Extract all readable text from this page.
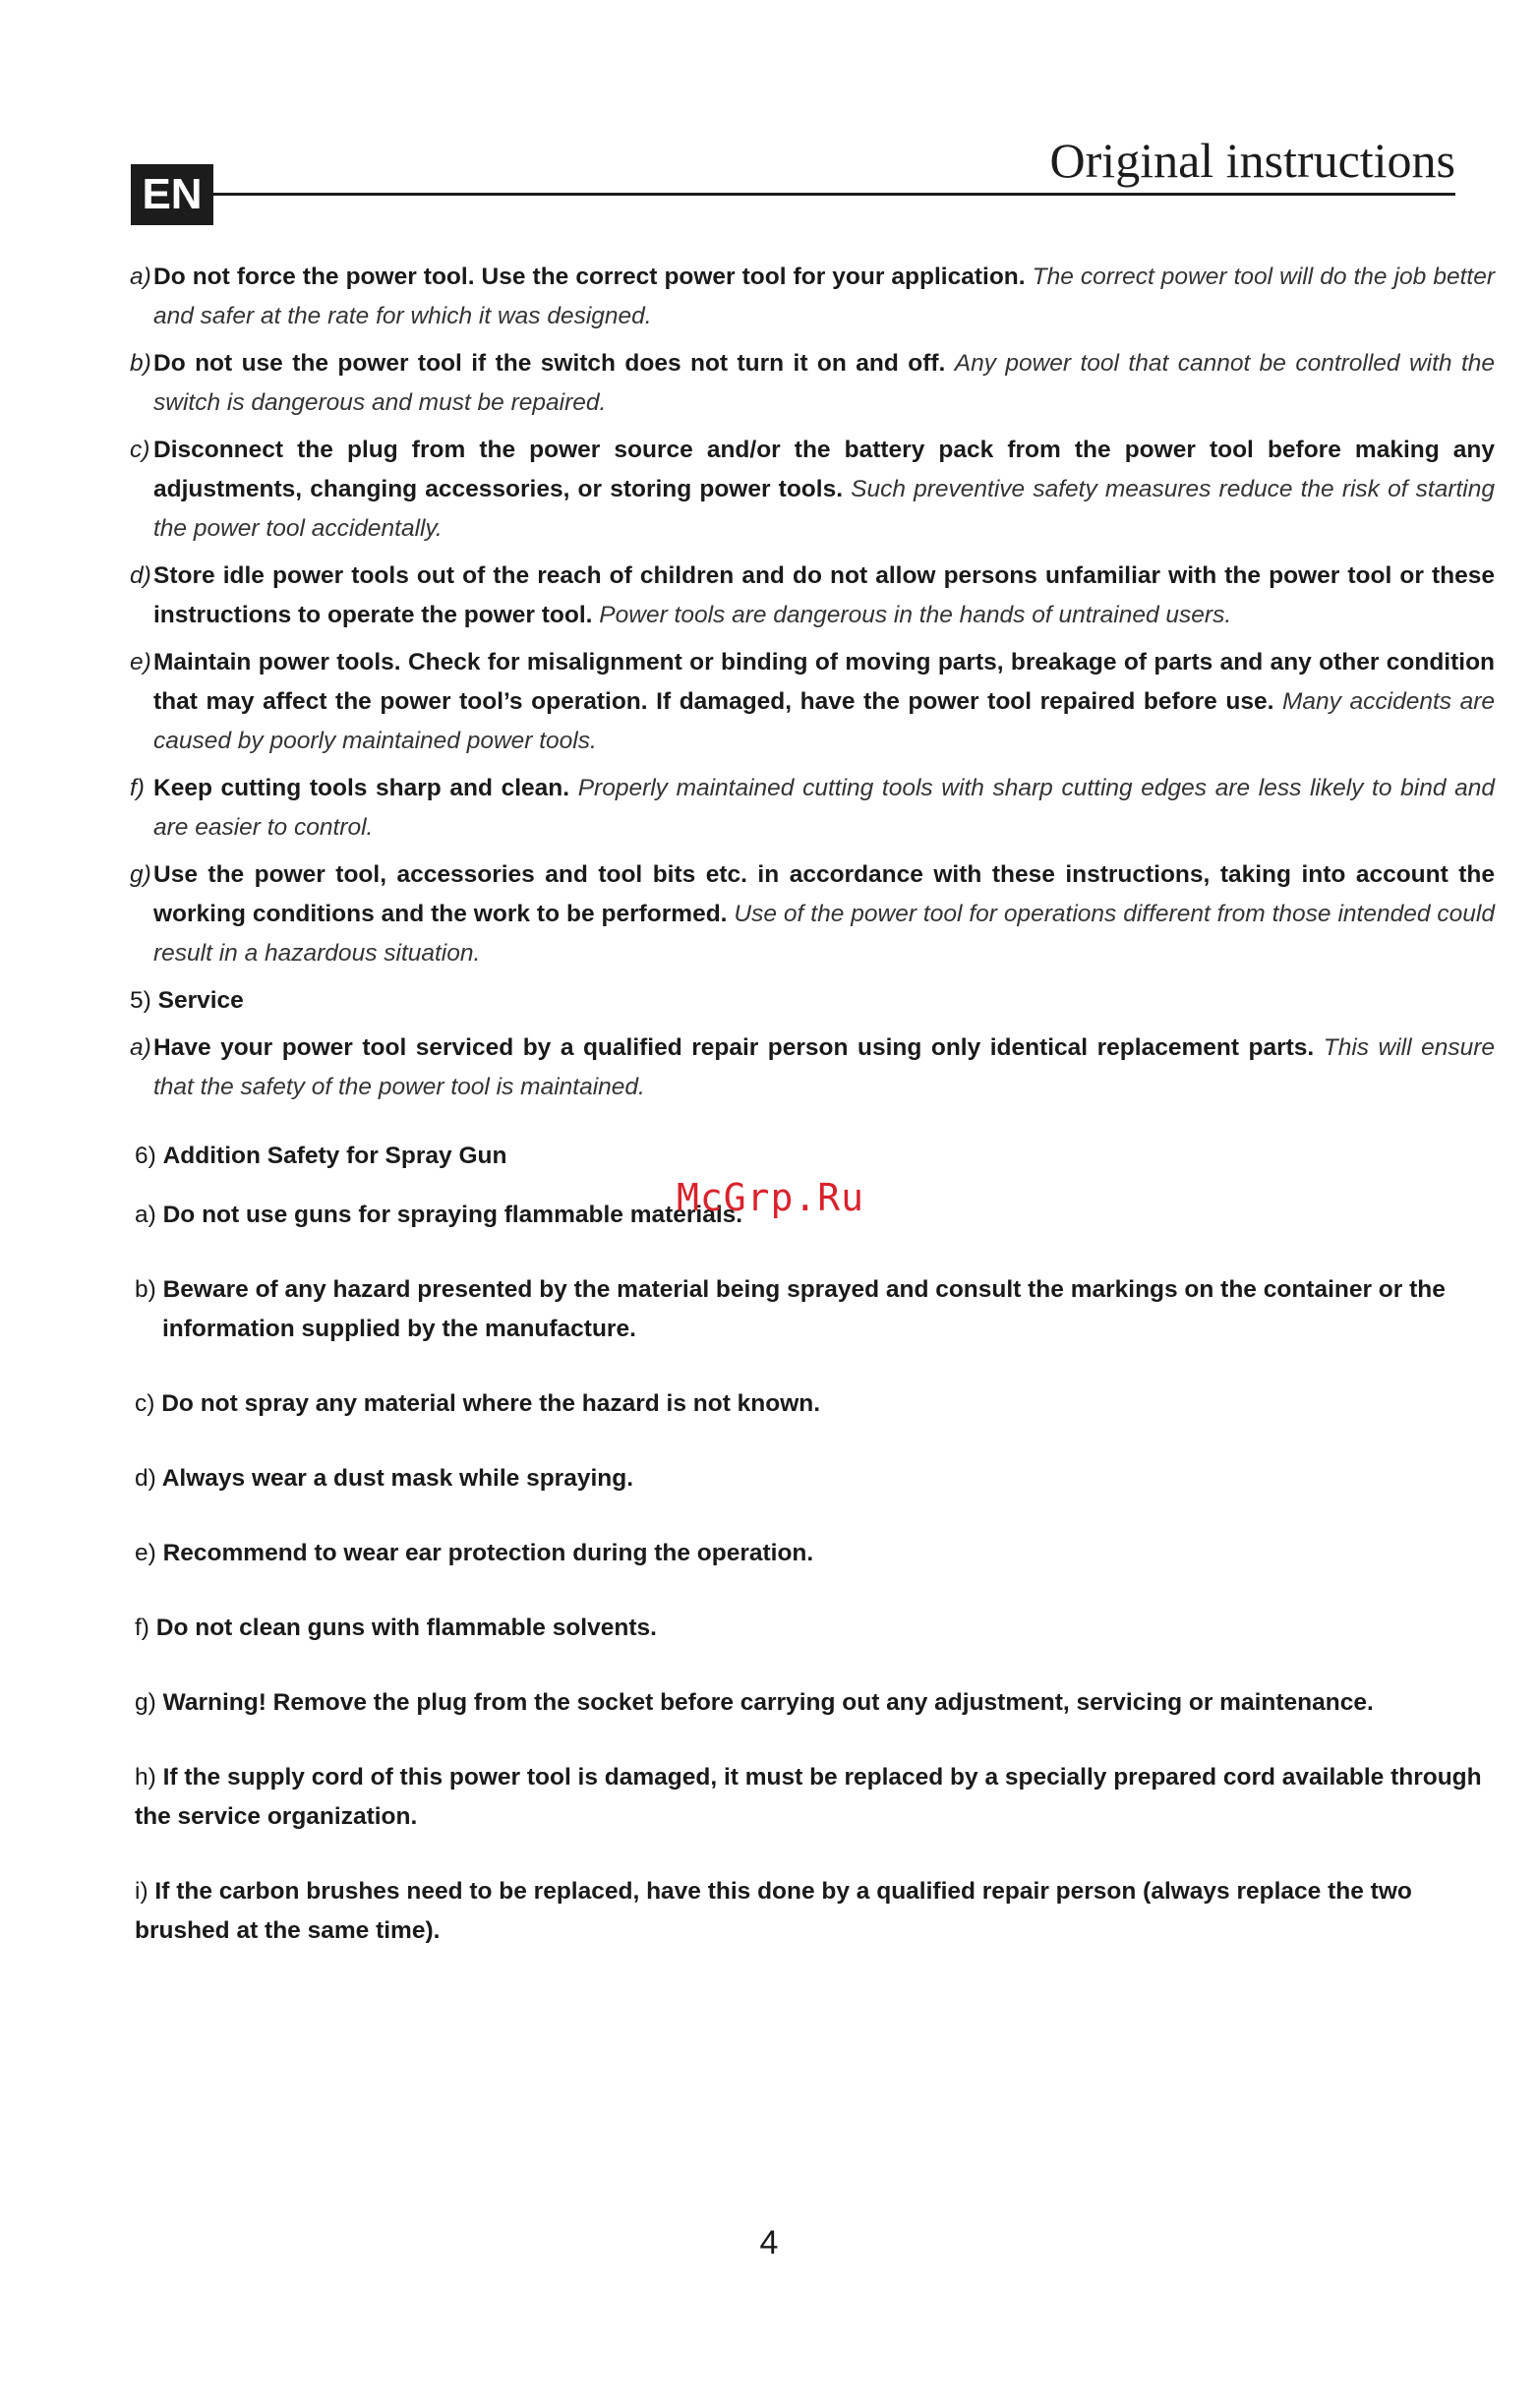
EN
Original instructions
a) Do not force the power tool. Use the correct power tool for your application. The correct power tool will do the job better and safer at the rate for which it was designed.
b) Do not use the power tool if the switch does not turn it on and off. Any power tool that cannot be controlled with the switch is dangerous and must be repaired.
c) Disconnect the plug from the power source and/or the battery pack from the power tool before making any adjustments, changing accessories, or storing power tools. Such preventive safety measures reduce the risk of starting the power tool accidentally.
d) Store idle power tools out of the reach of children and do not allow persons unfamiliar with the power tool or these instructions to operate the power tool. Power tools are dangerous in the hands of untrained users.
e) Maintain power tools. Check for misalignment or binding of moving parts, breakage of parts and any other condition that may affect the power tool’s operation. If damaged, have the power tool repaired before use. Many accidents are caused by poorly maintained power tools.
f) Keep cutting tools sharp and clean. Properly maintained cutting tools with sharp cutting edges are less likely to bind and are easier to control.
g) Use the power tool, accessories and tool bits etc. in accordance with these instructions, taking into account the working conditions and the work to be performed. Use of the power tool for operations different from those intended could result in a hazardous situation.
5) Service
a) Have your power tool serviced by a qualified repair person using only identical replacement parts. This will ensure that the safety of the power tool is maintained.
6) Addition Safety for Spray Gun
a) Do not use guns for spraying flammable materials.
b) Beware of any hazard presented by the material being sprayed and consult the markings on the container or the information supplied by the manufacture.
c) Do not spray any material where the hazard is not known.
d) Always wear a dust mask while spraying.
e) Recommend to wear ear protection during the operation.
f) Do not clean guns with flammable solvents.
g) Warning! Remove the plug from the socket before carrying out any adjustment, servicing or maintenance.
h) If the supply cord of this power tool is damaged, it must be replaced by a specially prepared cord available through the service organization.
i) If the carbon brushes need to be replaced, have this done by a qualified repair person (always replace the two brushed at the same time).
McGrp.Ru
4
